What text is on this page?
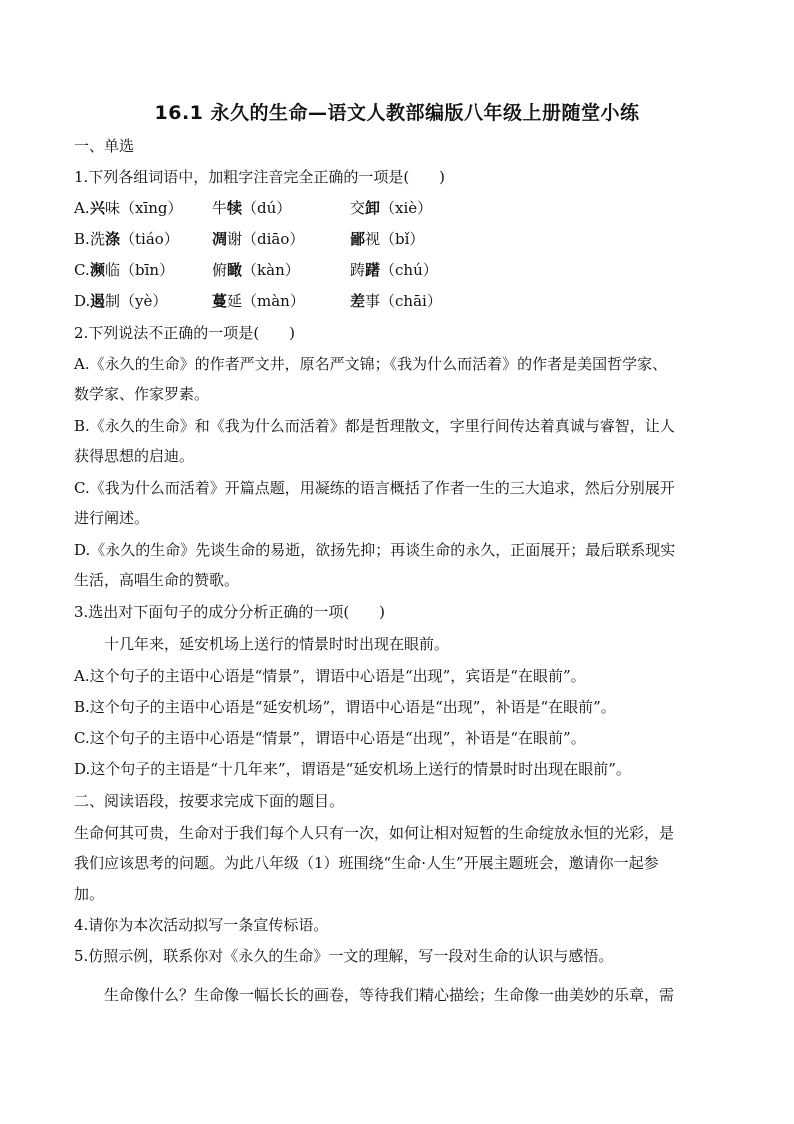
16.1 永久的生命—语文人教部编版八年级上册随堂小练
一、单选
1.下列各组词语中，加粗字注音完全正确的一项是(　　)
A. 兴味（xīng） 牛犊（dú）	交卸（xiè）
B. 洗涤（tiáo） 凋谢（diāo）	鄙视（bǐ）
C. 濒临（bīn）	俯瞰（kàn）	踌躇（chú）
D. 遏制（yè）	蔓延（màn）	差事（chāi）
2.下列说法不正确的一项是(　　)
A.《永久的生命》的作者严文井，原名严文锦；《我为什么而活着》的作者是美国哲学家、
数学家、作家罗素。
B.《永久的生命》和《我为什么而活着》都是哲理散文，字里行间传达着真诚与睿智，让人
获得思想的启迪。
C.《我为什么而活着》开篇点题，用凝练的语言概括了作者一生的三大追求，然后分别展开
进行阐述。
D.《永久的生命》先谈生命的易逝，欲扬先抑；再谈生命的永久，正面展开；最后联系现实
生活，高唱生命的赞歌。
3.选出对下面句子的成分分析正确的一项(　　)
十几年来，延安机场上送行的情景时时出现在眼前。
A.这个句子的主语中心语是“情景”，谓语中心语是“出现”，宾语是“在眼前”。
B.这个句子的主语中心语是“延安机场”，谓语中心语是“出现”，补语是“在眼前”。
C.这个句子的主语中心语是“情景”，谓语中心语是“出现”，补语是“在眼前”。
D.这个句子的主语是“十几年来”，谓语是“延安机场上送行的情景时时出现在眼前”。
二、阅读语段，按要求完成下面的题目。
生命何其可贵，生命对于我们每个人只有一次，如何让相对短暂的生命绽放永恒的光彩，是
我们应该思考的问题。为此八年级（1）班围绕“生命·人生”开展主题班会，邀请你一起参
加。
4.请你为本次活动拟写一条宣传标语。
5.仿照示例，联系你对《永久的生命》一文的理解，写一段对生命的认识与感悟。
生命像什么？生命像一幅长长的画卷，等待我们精心描绘；生命像一曲美妙的乐章，需
